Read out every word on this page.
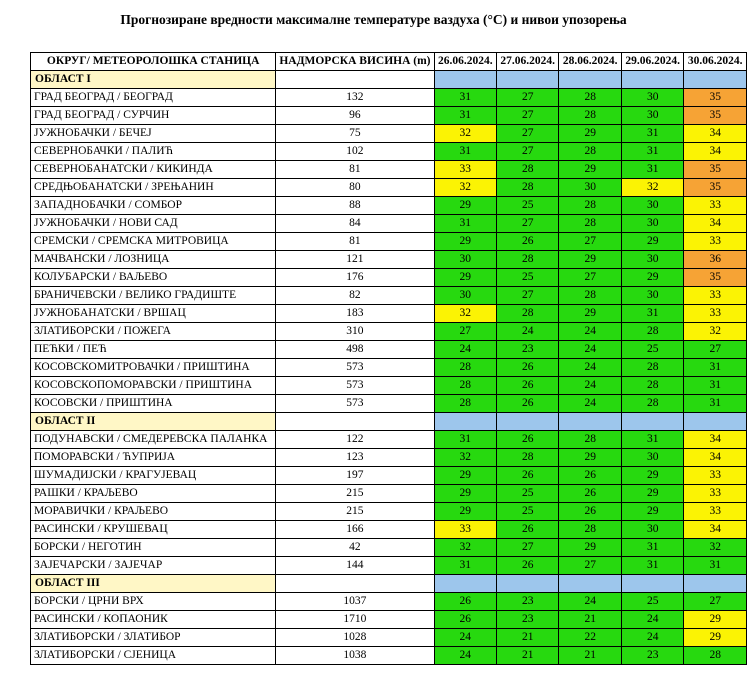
Прогнозиране вредности максималне температуре ваздуха (°C) и нивои упозорења
ОКРУГ/ МЕТЕОРОЛОШКА СТАНИЦА	НАДМОРСКА ВИСИНА (m)	26.06.2024.	27.06.2024.	28.06.2024.	29.06.2024.	30.06.2024.
ОБЛАСТ I						
ГРАД БЕОГРАД / БЕОГРАД	132	31	27	28	30	35
ГРАД БЕОГРАД / СУРЧИН	96	31	27	28	30	35
ЈУЖНОБАЧКИ / БЕЧЕЈ	75	32	27	29	31	34
СЕВЕРНОБАЧКИ / ПАЛИЋ	102	31	27	28	31	34
СЕВЕРНОБАНАТСКИ / КИКИНДА	81	33	28	29	31	35
СРЕДЊОБАНАТСКИ / ЗРЕЊАНИН	80	32	28	30	32	35
ЗАПАДНОБАЧКИ / СОМБОР	88	29	25	28	30	33
ЈУЖНОБАЧКИ / НОВИ САД	84	31	27	28	30	34
СРЕМСКИ / СРЕМСКА МИТРОВИЦА	81	29	26	27	29	33
МАЧВАНСКИ / ЛОЗНИЦА	121	30	28	29	30	36
КОЛУБАРСКИ / ВАЉЕВО	176	29	25	27	29	35
БРАНИЧЕВСКИ / ВЕЛИКО ГРАДИШТЕ	82	30	27	28	30	33
ЈУЖНОБАНАТСКИ / ВРШАЦ	183	32	28	29	31	33
ЗЛАТИБОРСКИ / ПОЖЕГА	310	27	24	24	28	32
ПЕЋКИ / ПЕЋ	498	24	23	24	25	27
КОСОВСКОМИТРОВАЧКИ / ПРИШТИНА	573	28	26	24	28	31
КОСОВСКОПОМОРАВСКИ / ПРИШТИНА	573	28	26	24	28	31
КОСОВСКИ / ПРИШТИНА	573	28	26	24	28	31
ОБЛАСТ II						
ПОДУНАВСКИ / СМЕДЕРЕВСКА ПАЛАНКА	122	31	26	28	31	34
ПОМОРАВСКИ / ЋУПРИЈА	123	32	28	29	30	34
ШУМАДИЈСКИ / КРАГУЈЕВАЦ	197	29	26	26	29	33
РАШКИ / КРАЉЕВО	215	29	25	26	29	33
МОРАВИЧКИ / КРАЉЕВО	215	29	25	26	29	33
РАСИНСКИ / КРУШЕВАЦ	166	33	26	28	30	34
БОРСКИ / НЕГОТИН	42	32	27	29	31	32
ЗАЈЕЧАРСКИ / ЗАЈЕЧАР	144	31	26	27	31	31
ОБЛАСТ III						
БОРСКИ / ЦРНИ ВРХ	1037	26	23	24	25	27
РАСИНСКИ / КОПАОНИК	1710	26	23	21	24	29
ЗЛАТИБОРСКИ / ЗЛАТИБОР	1028	24	21	22	24	29
ЗЛАТИБОРСКИ / СЈЕНИЦА	1038	24	21	21	23	28
